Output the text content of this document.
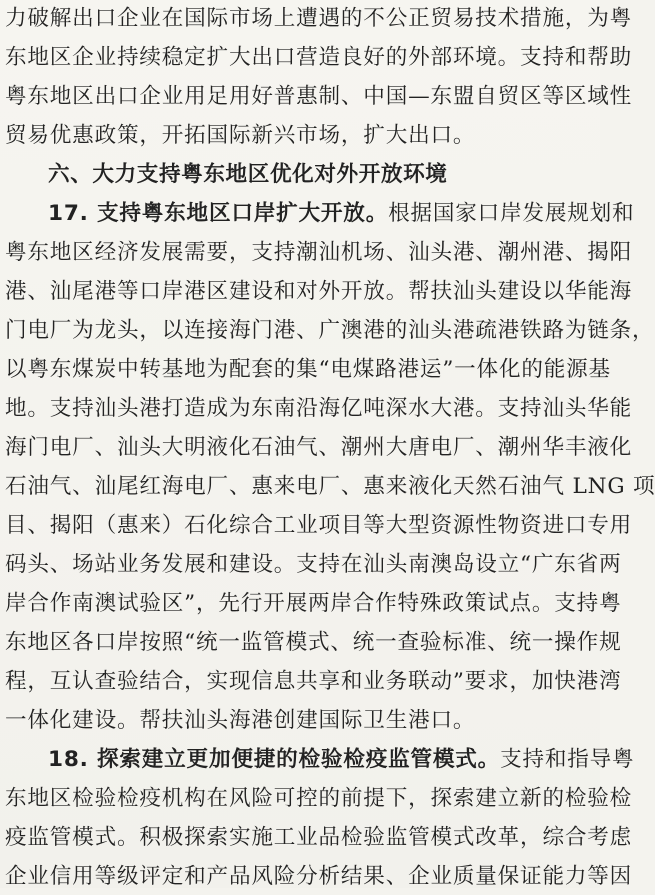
力破解出口企业在国际市场上遭遇的不公正贸易技术措施，为粤
东地区企业持续稳定扩大出口营造良好的外部环境。支持和帮助
粤东地区出口企业用足用好普惠制、中国—东盟自贸区等区域性
贸易优惠政策，开拓国际新兴市场，扩大出口。
六、大力支持粤东地区优化对外开放环境
17. 支持粤东地区口岸扩大开放。根据国家口岸发展规划和
粤东地区经济发展需要，支持潮汕机场、汕头港、潮州港、揭阳
港、汕尾港等口岸港区建设和对外开放。帮扶汕头建设以华能海
门电厂为龙头，以连接海门港、广澳港的汕头港疏港铁路为链条，
以粤东煤炭中转基地为配套的集“电煤路港运”一体化的能源基
地。支持汕头港打造成为东南沿海亿吨深水大港。支持汕头华能
海门电厂、汕头大明液化石油气、潮州大唐电厂、潮州华丰液化
石油气、汕尾红海电厂、惠来电厂、惠来液化天然石油气 LNG 项
目、揭阳（惠来）石化综合工业项目等大型资源性物资进口专用
码头、场站业务发展和建设。支持在汕头南澳岛设立“广东省两
岸合作南澳试验区”，先行开展两岸合作特殊政策试点。支持粤
东地区各口岸按照“统一监管模式、统一查验标准、统一操作规
程，互认查验结合，实现信息共享和业务联动”要求，加快港湾
一体化建设。帮扶汕头海港创建国际卫生港口。
18. 探索建立更加便捷的检验检疫监管模式。支持和指导粤
东地区检验检疫机构在风险可控的前提下，探索建立新的检验检
疫监管模式。积极探索实施工业品检验监管模式改革，综合考虑
企业信用等级评定和产品风险分析结果、企业质量保证能力等因
